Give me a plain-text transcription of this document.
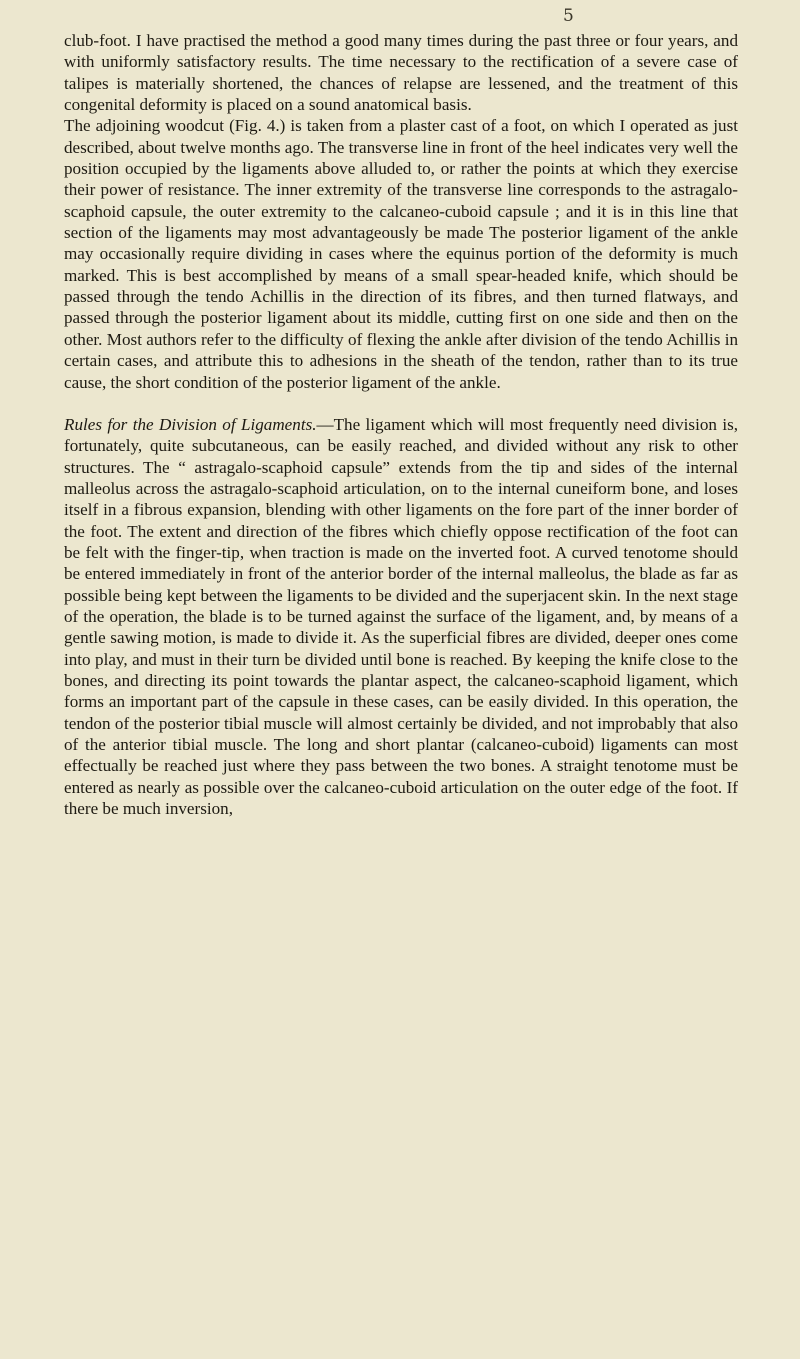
5

club-foot. I have practised the method a good many times during the past three or four years, and with uniformly satisfactory results. The time necessary to the rectification of a severe case of talipes is materially shortened, the chances of relapse are lessened, and the treatment of this congenital deformity is placed on a sound anatomical basis.

The adjoining woodcut (Fig. 4.) is taken from a plaster cast of a foot, on which I operated as just described, about twelve months ago. The transverse line in front of the heel indicates very well the position occupied by the ligaments above alluded to, or rather the points at which they exercise their power of resistance. The inner extremity of the transverse line corresponds to the astragalo-scaphoid capsule, the outer extremity to the calcaneo-cuboid capsule ; and it is in this line that section of the ligaments may most advantageously be made The posterior ligament of the ankle may occasionally require dividing in cases where the equinus portion of the deformity is much marked. This is best accomplished by means of a small spear-headed knife, which should be passed through the tendo Achillis in the direction of its fibres, and then turned flatways, and passed through the posterior ligament about its middle, cutting first on one side and then on the other. Most authors refer to the difficulty of flexing the ankle after division of the tendo Achillis in certain cases, and attribute this to adhesions in the sheath of the tendon, rather than to its true cause, the short condition of the posterior ligament of the ankle.

Rules for the Division of Ligaments.—The ligament which will most frequently need division is, fortunately, quite subcutaneous, can be easily reached, and divided without any risk to other structures. The “ astragalo-scaphoid capsule” extends from the tip and sides of the internal malleolus across the astragalo-scaphoid articulation, on to the internal cuneiform bone, and loses itself in a fibrous expansion, blending with other ligaments on the fore part of the inner border of the foot. The extent and direction of the fibres which chiefly oppose rectification of the foot can be felt with the finger-tip, when traction is made on the inverted foot. A curved tenotome should be entered immediately in front of the anterior border of the internal malleolus, the blade as far as possible being kept between the ligaments to be divided and the superjacent skin. In the next stage of the operation, the blade is to be turned against the surface of the ligament, and, by means of a gentle sawing motion, is made to divide it. As the superficial fibres are divided, deeper ones come into play, and must in their turn be divided until bone is reached. By keeping the knife close to the bones, and directing its point towards the plantar aspect, the calcaneo-scaphoid ligament, which forms an important part of the capsule in these cases, can be easily divided. In this operation, the tendon of the posterior tibial muscle will almost certainly be divided, and not improbably that also of the anterior tibial muscle. The long and short plantar (calcaneo-cuboid) ligaments can most effectually be reached just where they pass between the two bones. A straight tenotome must be entered as nearly as possible over the calcaneo-cuboid articulation on the outer edge of the foot. If there be much inversion,
